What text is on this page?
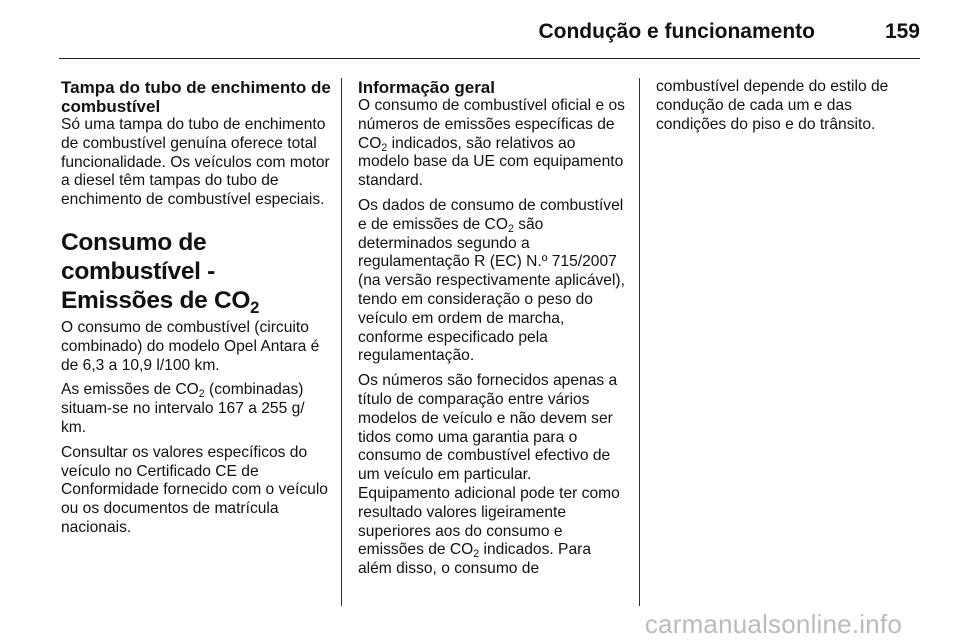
Condução e funcionamento	159
Tampa do tubo de enchimento de combustível

Só uma tampa do tubo de enchimento de combustível genuína oferece total funcionalidade. Os veículos com motor a diesel têm tampas do tubo de enchimento de combustível especiais.

Consumo de combustível - Emissões de $CO_2$

O consumo de combustível (circuito combinado) do modelo Opel Antara é de 6,3 a 10,9 l/100 km.

As emissões de $CO_2$ (combinadas) situam-se no intervalo 167 a 255 g/ km.

Consultar os valores específicos do veículo no Certificado CE de Conformidade fornecido com o veículo ou os documentos de matrícula nacionais.

Informação geral

O consumo de combustível oficial e os números de emissões específicas de $CO_2$ indicados, são relativos ao modelo base da UE com equipamento standard.

Os dados de consumo de combustível e de emissões de $CO_2$ são determinados segundo a regulamentação R (EC) N.º 715/2007 (na versão respectivamente aplicável), tendo em consideração o peso do veículo em ordem de marcha, conforme especificado pela regulamentação.

Os números são fornecidos apenas a título de comparação entre vários modelos de veículo e não devem ser tidos como uma garantia para o consumo de combustível efectivo de um veículo em particular.

Equipamento adicional pode ter como resultado valores ligeiramente superiores aos do consumo e emissões de $CO_2$ indicados. Para além disso, o consumo de

combustível depende do estilo de condução de cada um e das condições do piso e do trânsito.

carmanualsonline.info
